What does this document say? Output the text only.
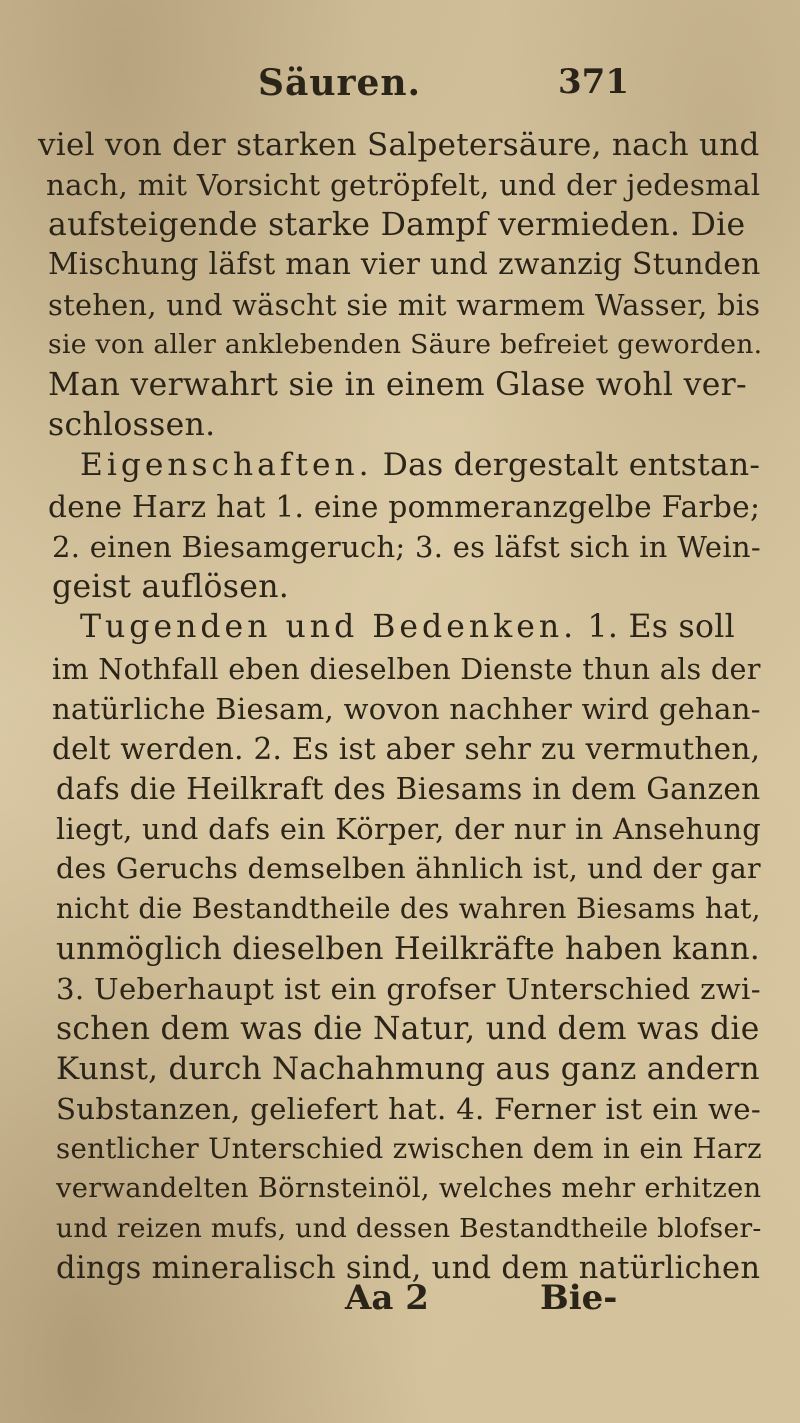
Säuren.	371
viel von der starken Salpetersäure, nach und
nach, mit Vorsicht getröpfelt, und der jedesmal
aufsteigende starke Dampf vermieden. Die
Mischung läfst man vier und zwanzig Stunden
stehen, und wäscht sie mit warmem Wasser, bis
sie von aller anklebenden Säure befreiet geworden.
Man verwahrt sie in einem Glase wohl ver-
schlossen.
Eigenschaften. Das dergestalt entstan-
dene Harz hat 1. eine pommeranzgelbe Farbe;
2. einen Biesamgeruch; 3. es läfst sich in Wein-
geist auflösen.
Tugenden und Bedenken. 1. Es soll
im Nothfall eben dieselben Dienste thun als der
natürliche Biesam, wovon nachher wird gehan-
delt werden. 2. Es ist aber sehr zu vermuthen,
dafs die Heilkraft des Biesams in dem Ganzen
liegt, und dafs ein Körper, der nur in Ansehung
des Geruchs demselben ähnlich ist, und der gar
nicht die Bestandtheile des wahren Biesams hat,
unmöglich dieselben Heilkräfte haben kann.
3. Ueberhaupt ist ein grofser Unterschied zwi-
schen dem was die Natur, und dem was die
Kunst, durch Nachahmung aus ganz andern
Substanzen, geliefert hat. 4. Ferner ist ein we-
sentlicher Unterschied zwischen dem in ein Harz
verwandelten Börnsteinöl, welches mehr erhitzen
und reizen mufs, und dessen Bestandtheile blofser-
dings mineralisch sind, und dem natürlichen
Aa 2	Bie-
